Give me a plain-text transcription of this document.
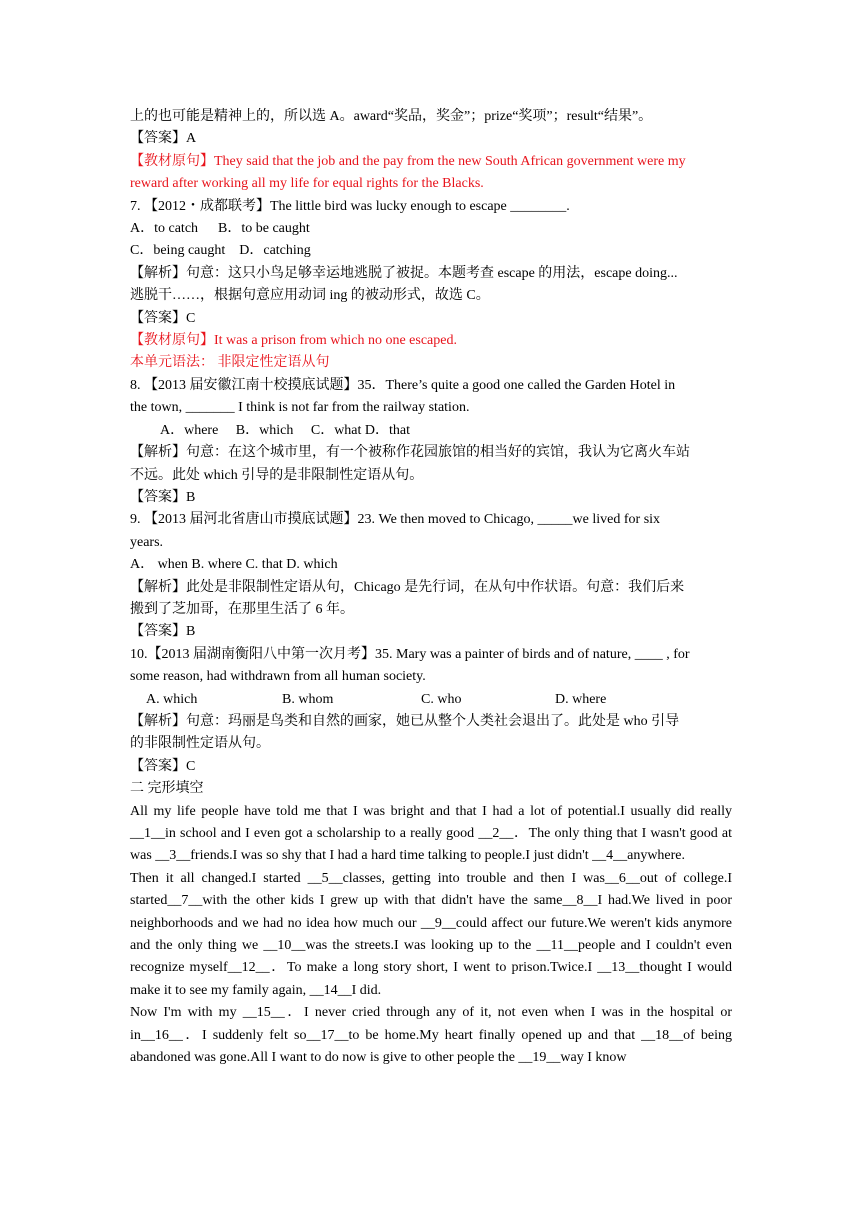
上的也可能是精神上的，所以选 A。award“奖品，奖金”；prize“奖项”；result“结果”。

【答案】A

【教材原句】They said that the job and the pay from the new South African government were my

reward after working all my life for equal rights for the Blacks.

7. 【2012・成都联考】The little bird was lucky enough to escape ________.

A．to catch B．to be caught

C．being caught　D．catching

【解析】句意：这只小鸟足够幸运地逃脱了被捉。本题考查 escape 的用法，escape doing...

逃脱干……，根据句意应用动词 ing 的被动形式，故选 C。

【答案】C

【教材原句】It was a prison from which no one escaped.

本单元语法： 非限定性定语从句

8. 【2013 届安徽江南十校摸底试题】35．There’s quite a good one called the Garden Hotel in

the town, _______ I think is not far from the railway station.

A．where　 B．which　 C．what D．that

【解析】句意：在这个城市里，有一个被称作花园旅馆的相当好的宾馆，我认为它离火车站

不远。此处 which 引导的是非限制性定语从句。

【答案】B

9. 【2013 届河北省唐山市摸底试题】23. We then moved to Chicago, _____we lived for six

years.

A． when B. where C. that D. which

【解析】此处是非限制性定语从句，Chicago 是先行词，在从句中作状语。句意：我们后来

搬到了芝加哥，在那里生活了 6 年。

【答案】B

10.【2013 届湖南衡阳八中第一次月考】35. Mary was a painter of birds and of nature, ____ , for

some reason, had withdrawn from all human society.

A. which	B. whom	C. who	D. where

【解析】句意：玛丽是鸟类和自然的画家，她已从整个人类社会退出了。此处是 who 引导

的非限制性定语从句。

【答案】C

二 完形填空

All my life people have told me that I was bright and that I had a lot of potential.I usually did really __1__in school and I even got a scholarship to a really good __2__．The only thing that I wasn't good at was __3__friends.I was so shy that I had a hard time talking to people.I just didn't __4__anywhere.

Then it all changed.I started __5__classes, getting into trouble and then I was__6__out of college.I started__7__with the other kids I grew up with that didn't have the same__8__I had.We lived in poor neighborhoods and we had no idea how much our __9__could affect our future.We weren't kids anymore and the only thing we __10__was the streets.I was looking up to the __11__people and I couldn't even recognize myself__12__．To make a long story short, I went to prison.Twice.I __13__thought I would make it to see my family again, __14__I did.

Now I'm with my __15__．I never cried through any of it, not even when I was in the hospital or in__16__．I suddenly felt so__17__to be home.My heart finally opened up and that __18__of being abandoned was gone.All I want to do now is give to other people the __19__way I know
